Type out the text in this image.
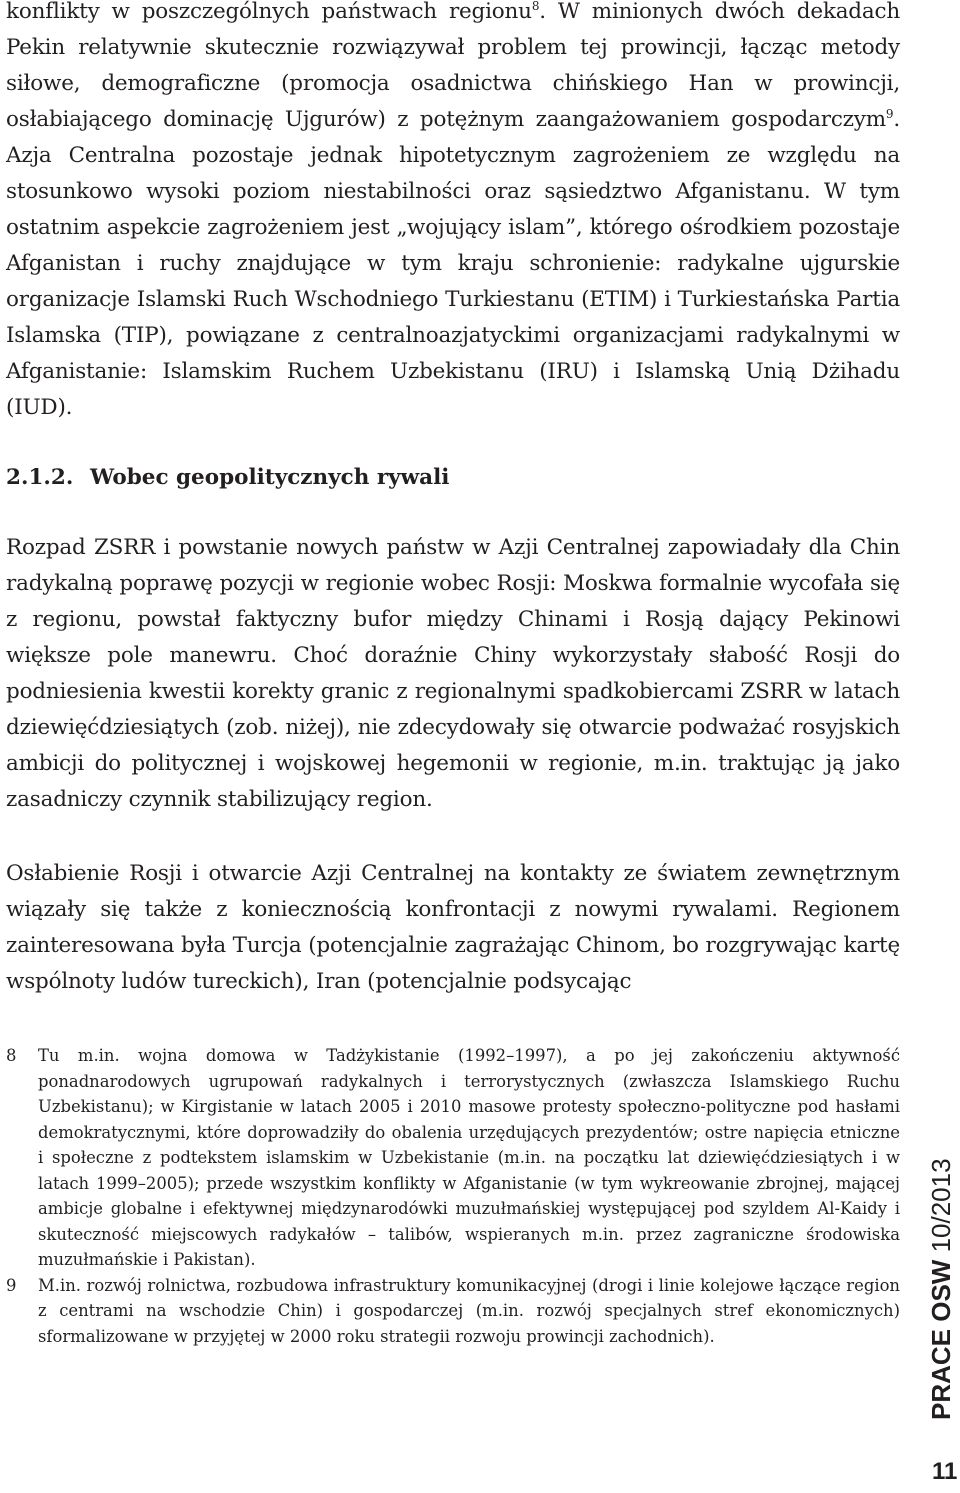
konflikty w poszczególnych państwach regionu$^8$. W minionych dwóch dekadach Pekin relatywnie skutecznie rozwiązywał problem tej prowincji, łącząc metody siłowe, demograficzne (promocja osadnictwa chińskiego Han w prowincji, osłabiającego dominację Ujgurów) z potężnym zaangażowaniem gospodarczym$^9$. Azja Centralna pozostaje jednak hipotetycznym zagrożeniem ze względu na stosunkowo wysoki poziom niestabilności oraz sąsiedztwo Afganistanu. W tym ostatnim aspekcie zagrożeniem jest „wojujący islam”, którego ośrodkiem pozostaje Afganistan i ruchy znajdujące w tym kraju schronienie: radykalne ujgurskie organizacje Islamski Ruch Wschodniego Turkiestanu (ETIM) i Turkiestańska Partia Islamska (TIP), powiązane z centralnoazjatyckimi organizacjami radykalnymi w Afganistanie: Islamskim Ruchem Uzbekistanu (IRU) i Islamską Unią Dżihadu (IUD).

2.1.2. Wobec geopolitycznych rywali

Rozpad ZSRR i powstanie nowych państw w Azji Centralnej zapowiadały dla Chin radykalną poprawę pozycji w regionie wobec Rosji: Moskwa formalnie wycofała się z regionu, powstał faktyczny bufor między Chinami i Rosją dający Pekinowi większe pole manewru. Choć doraźnie Chiny wykorzystały słabość Rosji do podniesienia kwestii korekty granic z regionalnymi spadkobiercami ZSRR w latach dziewięćdziesiątych (zob. niżej), nie zdecydowały się otwarcie podważać rosyjskich ambicji do politycznej i wojskowej hegemonii w regionie, m.in. traktując ją jako zasadniczy czynnik stabilizujący region.

Osłabienie Rosji i otwarcie Azji Centralnej na kontakty ze światem zewnętrznym wiązały się także z koniecznością konfrontacji z nowymi rywalami. Regionem zainteresowana była Turcja (potencjalnie zagrażając Chinom, bo rozgrywając kartę wspólnoty ludów tureckich), Iran (potencjalnie podsycając

8 Tu m.in. wojna domowa w Tadżykistanie (1992–1997), a po jej zakończeniu aktywność ponadnarodowych ugrupowań radykalnych i terrorystycznych (zwłaszcza Islamskiego Ruchu Uzbekistanu); w Kirgistanie w latach 2005 i 2010 masowe protesty społeczno-polityczne pod hasłami demokratycznymi, które doprowadziły do obalenia urzędujących prezydentów; ostre napięcia etniczne i społeczne z podtekstem islamskim w Uzbekistanie (m.in. na początku lat dziewięćdziesiątych i w latach 1999–2005); przede wszystkim konflikty w Afganistanie (w tym wykreowanie zbrojnej, mającej ambicje globalne i efektywnej międzynarodówki muzułmańskiej występującej pod szyldem Al-Kaidy i skuteczność miejscowych radykałów – talibów, wspieranych m.in. przez zagraniczne środowiska muzułmańskie i Pakistan).

9 M.in. rozwój rolnictwa, rozbudowa infrastruktury komunikacyjnej (drogi i linie kolejowe łączące region z centrami na wschodzie Chin) i gospodarczej (m.in. rozwój specjalnych stref ekonomicznych) sformalizowane w przyjętej w 2000 roku strategii rozwoju prowincji zachodnich).	PRACE OSW 10/2013
11
